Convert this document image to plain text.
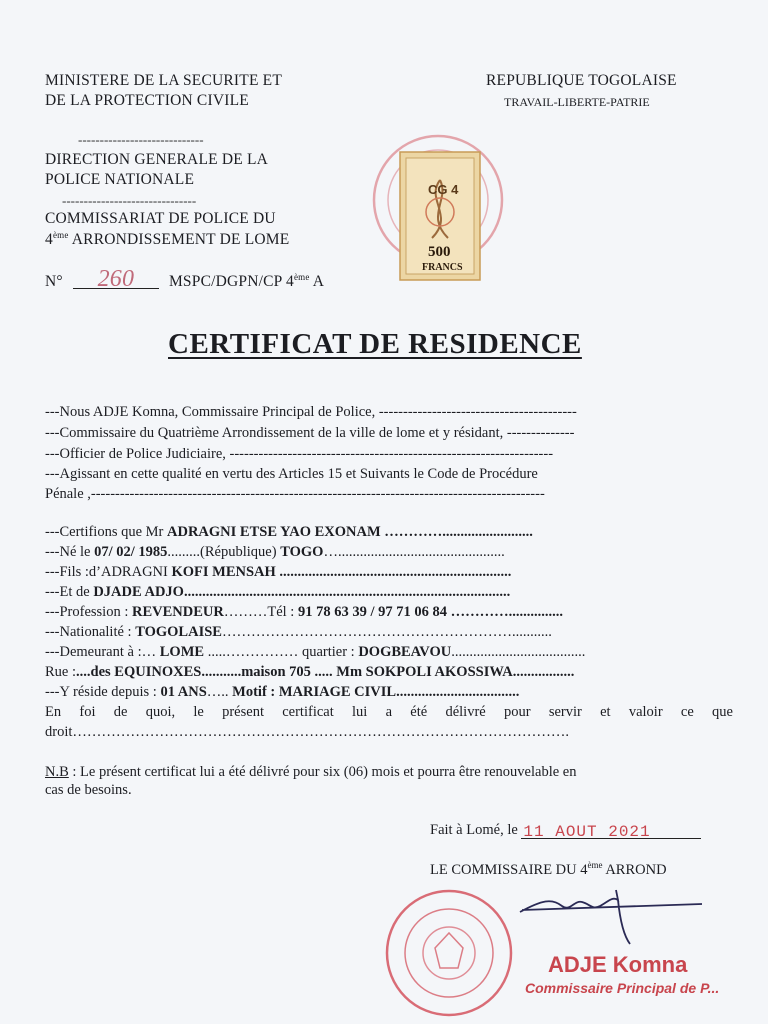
MINISTERE DE LA SECURITE ET
DE LA PROTECTION CIVILE
-----------------------------
DIRECTION GENERALE DE LA
POLICE NATIONALE
-------------------------------
COMMISSARIAT DE POLICE DU
4ème ARRONDISSEMENT DE LOME
N° 260 MSPC/DGPN/CP 4ème A
REPUBLIQUE TOGOLAISE
TRAVAIL-LIBERTE-PATRIE
CG 4
500
FRANCS
CERTIFICAT DE RESIDENCE
---Nous ADJE Komna, Commissaire Principal de Police, -----------------------------------------
---Commissaire du Quatrième Arrondissement de la ville de lome et y résidant, --------------
---Officier de Police Judiciaire, -------------------------------------------------------------------
---Agissant en cette qualité en vertu des Articles 15 et Suivants le Code de Procédure
Pénale ,----------------------------------------------------------------------------------------------
---Certifions que Mr ADRAGNI ETSE YAO EXONAM ………….........................
---Né le 07/ 02/ 1985.........(République) TOGO…..............................................
---Fils :d’ADRAGNI KOFI MENSAH ................................................................
---Et de DJADE ADJO..........................................................................................
---Profession : REVENDEUR………Tél : 91 78 63 39 / 97 71 06 84 …………...............
---Nationalité : TOGOLAISE……………………………………………………...........
---Demeurant à :… LOME .....…………… quartier : DOGBEAVOU.....................................
Rue :....des EQUINOXES...........maison 705 ..... Mm SOKPOLI AKOSSIWA.................
---Y réside depuis : 01 ANS….. Motif : MARIAGE CIVIL..................................
En foi de quoi, le présent certificat lui a été délivré pour servir et valoir ce que
droit………………………………………………………………………………………….
N.B : Le présent certificat lui a été délivré pour six (06) mois et pourra être renouvelable en
cas de besoins.
Fait à Lomé, le 11 AOUT 2021
LE COMMISSAIRE DU 4ème ARROND
ADJE Komna
Commissaire Principal de P...
